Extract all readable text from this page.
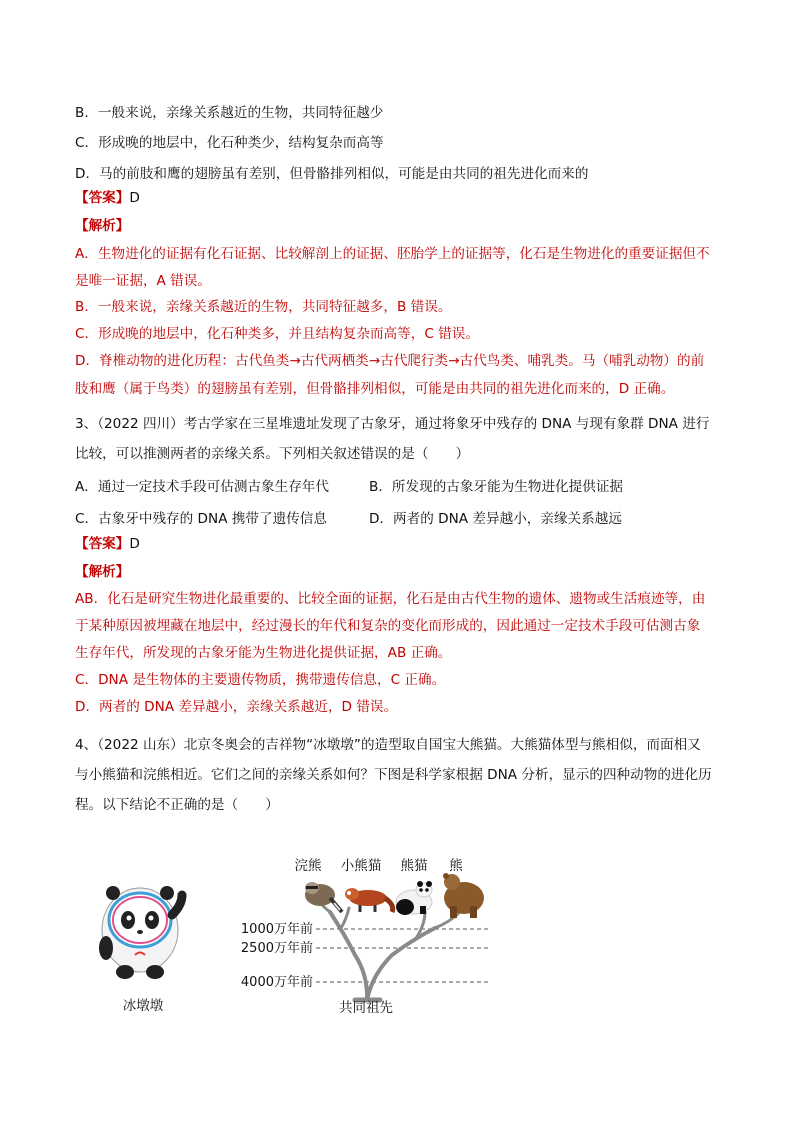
B．一般来说，亲缘关系越近的生物，共同特征越少
C．形成晚的地层中，化石种类少，结构复杂而高等
D．马的前肢和鹰的翅膀虽有差别，但骨骼排列相似，可能是由共同的祖先进化而来的
【答案】D
【解析】
A．生物进化的证据有化石证据、比较解剖上的证据、胚胎学上的证据等，化石是生物进化的重要证据但不
是唯一证据，A 错误。
B．一般来说，亲缘关系越近的生物，共同特征越多，B 错误。
C．形成晚的地层中，化石种类多，并且结构复杂而高等，C 错误。
D．脊椎动物的进化历程：古代鱼类→古代两栖类→古代爬行类→古代鸟类、哺乳类。马（哺乳动物）的前
肢和鹰（属于鸟类）的翅膀虽有差别，但骨骼排列相似，可能是由共同的祖先进化而来的，D 正确。
3、（2022 四川）考古学家在三星堆遗址发现了古象牙，通过将象牙中残存的 DNA 与现有象群 DNA 进行
比较，可以推测两者的亲缘关系。下列相关叙述错误的是（　　）
A．通过一定技术手段可估测古象生存年代	B．所发现的古象牙能为生物进化提供证据
C．古象牙中残存的 DNA 携带了遗传信息	D．两者的 DNA 差异越小，亲缘关系越远
【答案】D
【解析】
AB．化石是研究生物进化最重要的、比较全面的证据，化石是由古代生物的遗体、遗物或生活痕迹等，由
于某种原因被埋藏在地层中，经过漫长的年代和复杂的变化而形成的，因此通过一定技术手段可估测古象
生存年代，所发现的古象牙能为生物进化提供证据，AB 正确。
C．DNA 是生物体的主要遗传物质，携带遗传信息，C 正确。
D．两者的 DNA 差异越小，亲缘关系越近，D 错误。
4、（2022 山东）北京冬奥会的吉祥物“冰墩墩”的造型取自国宝大熊猫。大熊猫体型与熊相似，而面相又
与小熊猫和浣熊相近。它们之间的亲缘关系如何？下图是科学家根据 DNA 分析，显示的四种动物的进化历
程。以下结论不正确的是（　　）
浣熊 小熊猫 熊猫 熊
1000万年前
2500万年前
4000万年前
共同祖先
冰墩墩
